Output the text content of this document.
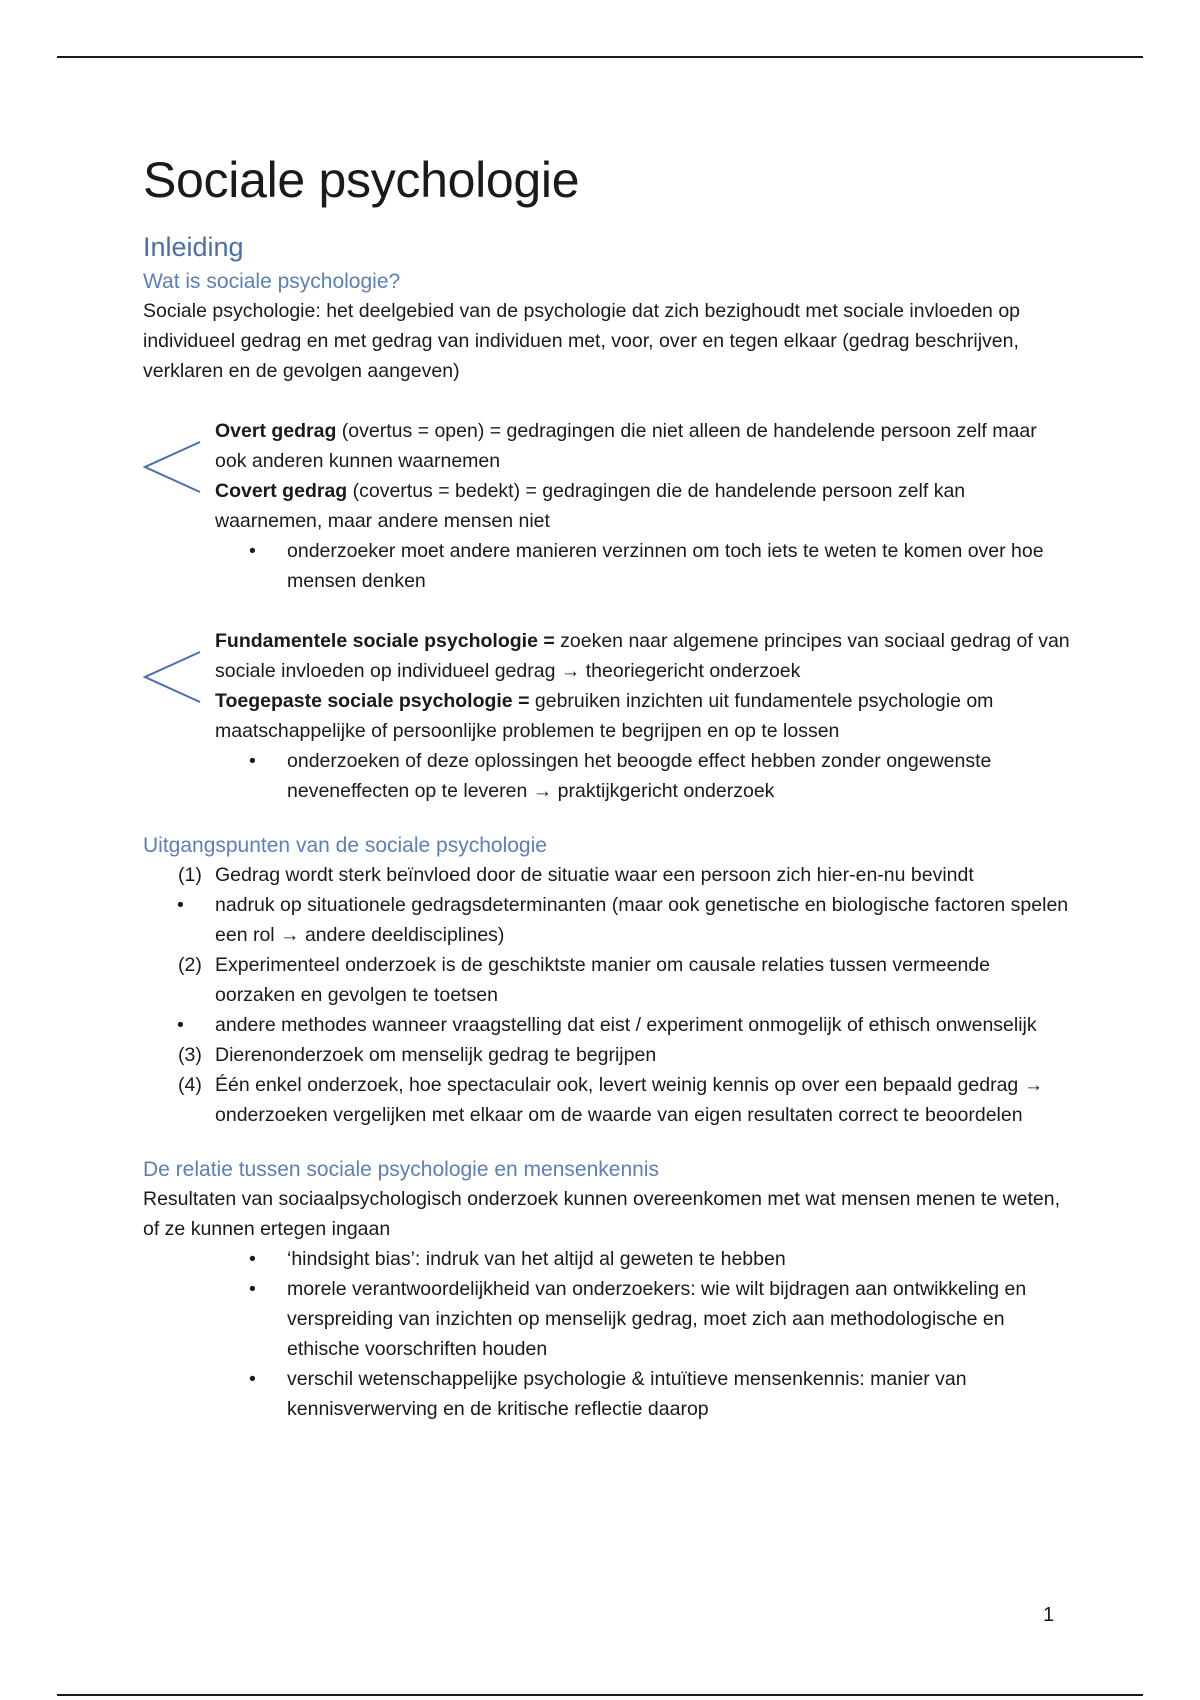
Sociale psychologie
Inleiding
Wat is sociale psychologie?

Sociale psychologie: het deelgebied van de psychologie dat zich bezighoudt met sociale invloeden op individueel gedrag en met gedrag van individuen met, voor, over en tegen elkaar (gedrag beschrijven, verklaren en de gevolgen aangeven)

Overt gedrag (overtus = open) = gedragingen die niet alleen de handelende persoon zelf maar ook anderen kunnen waarnemen

Covert gedrag (covertus = bedekt) = gedragingen die de handelende persoon zelf kan waarnemen, maar andere mensen niet

• onderzoeker moet andere manieren verzinnen om toch iets te weten te komen over hoe mensen denken

Fundamentele sociale psychologie = zoeken naar algemene principes van sociaal gedrag of van sociale invloeden op individueel gedrag → theoriegericht onderzoek

Toegepaste sociale psychologie = gebruiken inzichten uit fundamentele psychologie om maatschappelijke of persoonlijke problemen te begrijpen en op te lossen

• onderzoeken of deze oplossingen het beoogde effect hebben zonder ongewenste neveneffecten op te leveren → praktijkgericht onderzoek
Uitgangspunten van de sociale psychologie
(1) Gedrag wordt sterk beïnvloed door de situatie waar een persoon zich hier-en-nu bevindt
• nadruk op situationele gedragsdeterminanten (maar ook genetische en biologische factoren spelen een rol → andere deeldisciplines)
(2) Experimenteel onderzoek is de geschiktste manier om causale relaties tussen vermeende oorzaken en gevolgen te toetsen
• andere methodes wanneer vraagstelling dat eist / experiment onmogelijk of ethisch onwenselijk
(3) Dierenonderzoek om menselijk gedrag te begrijpen
(4) Één enkel onderzoek, hoe spectaculair ook, levert weinig kennis op over een bepaald gedrag → onderzoeken vergelijken met elkaar om de waarde van eigen resultaten correct te beoordelen
De relatie tussen sociale psychologie en mensenkennis

Resultaten van sociaalpsychologisch onderzoek kunnen overeenkomen met wat mensen menen te weten, of ze kunnen ertegen ingaan

• ‘hindsight bias’: indruk van het altijd al geweten te hebben
• morele verantwoordelijkheid van onderzoekers: wie wilt bijdragen aan ontwikkeling en verspreiding van inzichten op menselijk gedrag, moet zich aan methodologische en ethische voorschriften houden
• verschil wetenschappelijke psychologie & intuïtieve mensenkennis: manier van kennisverwerving en de kritische reflectie daarop
1
